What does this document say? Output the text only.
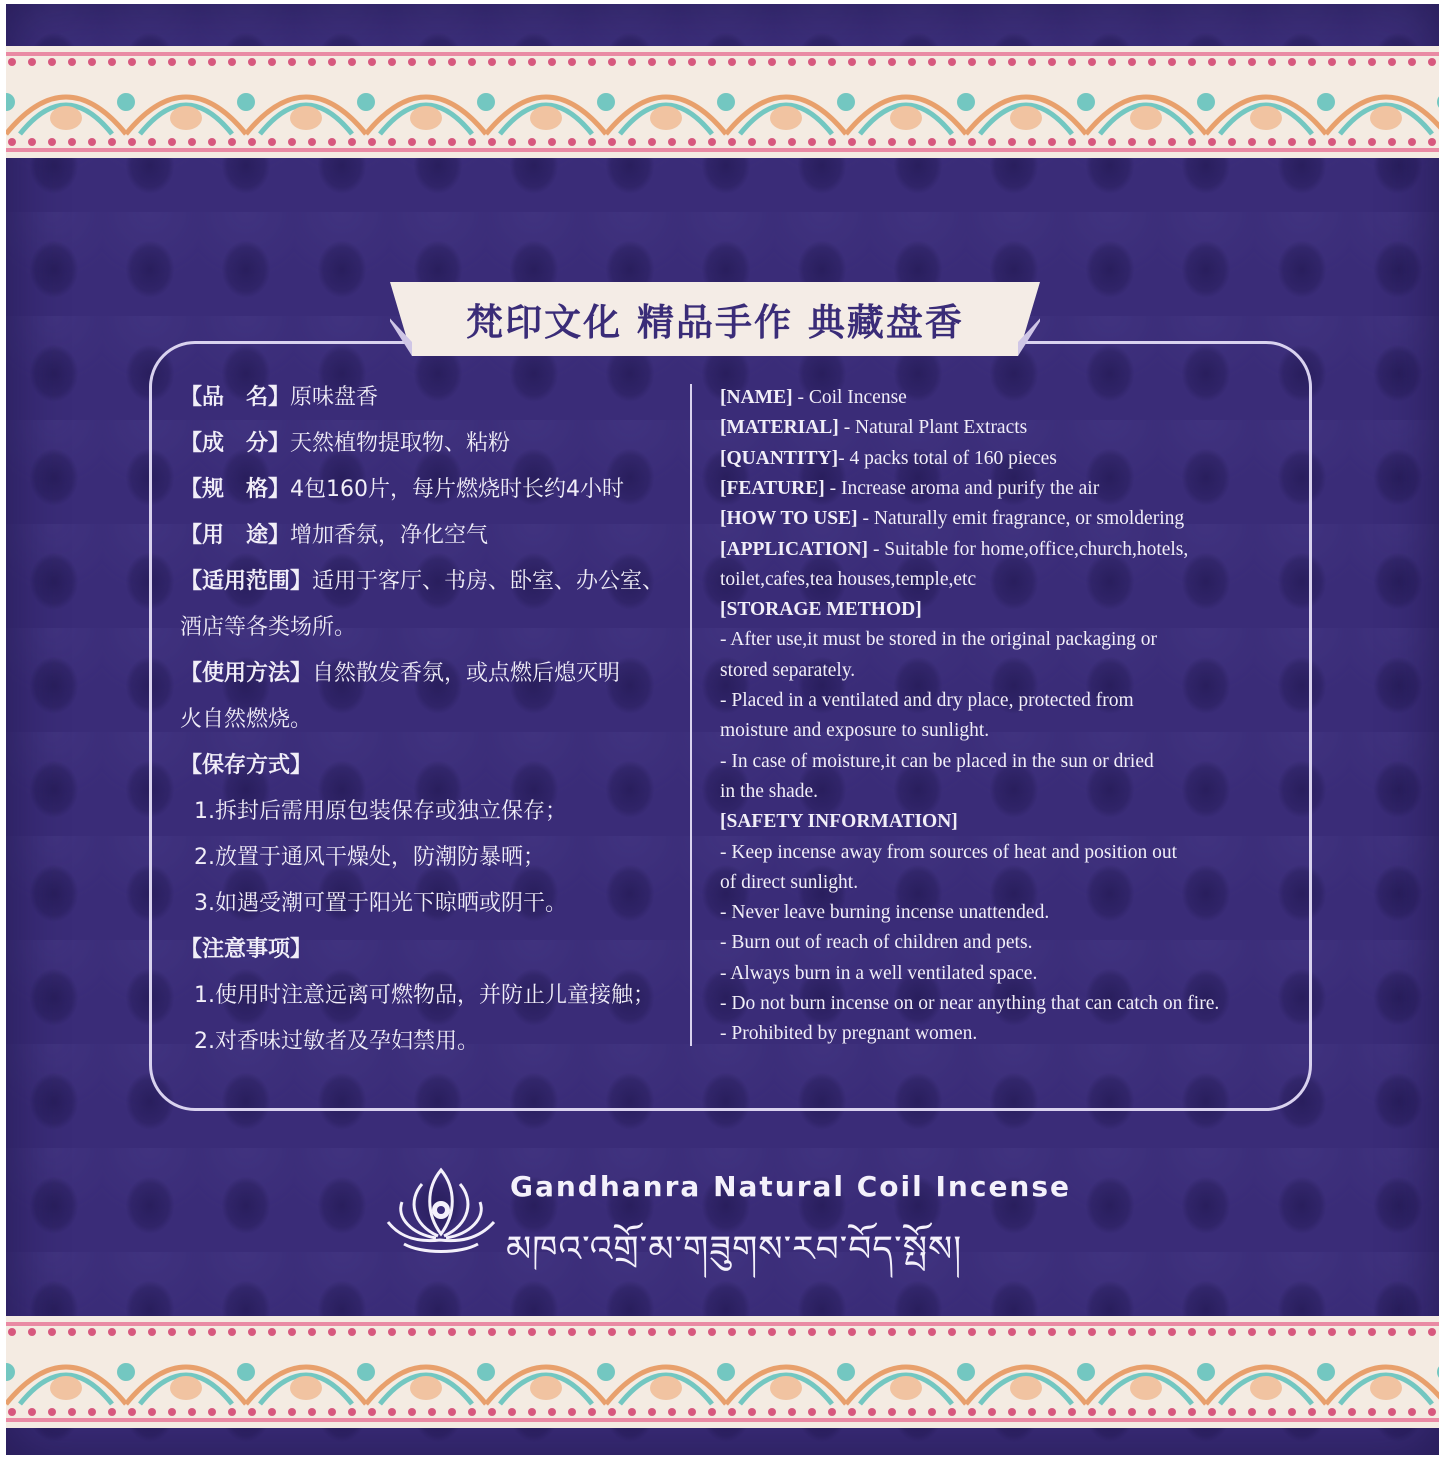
梵印文化 精品手作 典藏盘香
【品　名】原味盘香
【成　分】天然植物提取物、粘粉
【规　格】4包160片，每片燃烧时长约4小时
【用　途】增加香氛，净化空气
【适用范围】适用于客厅、书房、卧室、办公室、
酒店等各类场所。
【使用方法】自然散发香氛，或点燃后熄灭明
火自然燃烧。
【保存方式】
1.拆封后需用原包装保存或独立保存；
2.放置于通风干燥处，防潮防暴晒；
3.如遇受潮可置于阳光下晾晒或阴干。
【注意事项】
1.使用时注意远离可燃物品，并防止儿童接触；
2.对香味过敏者及孕妇禁用。
[NAME] - Coil Incense
[MATERIAL] - Natural Plant Extracts
[QUANTITY]- 4 packs total of 160 pieces
[FEATURE] - Increase aroma and purify the air
[HOW TO USE] - Naturally emit fragrance, or smoldering
[APPLICATION] - Suitable for home,office,church,hotels,
toilet,cafes,tea houses,temple,etc
[STORAGE METHOD]
- After use,it must be stored in the original packaging or
stored separately.
- Placed in a ventilated and dry place, protected from
moisture and exposure to sunlight.
- In case of moisture,it can be placed in the sun or dried
in the shade.
[SAFETY INFORMATION]
- Keep incense away from sources of heat and position out
of direct sunlight.
- Never leave burning incense unattended.
- Burn out of reach of children and pets.
- Always burn in a well ventilated space.
- Do not burn incense on or near anything that can catch on fire.
- Prohibited by pregnant women.
Gandhanra Natural Coil Incense
མཁའ་འགྲོ་མ་གཟུགས་རབ་བོད་སྤོས།
